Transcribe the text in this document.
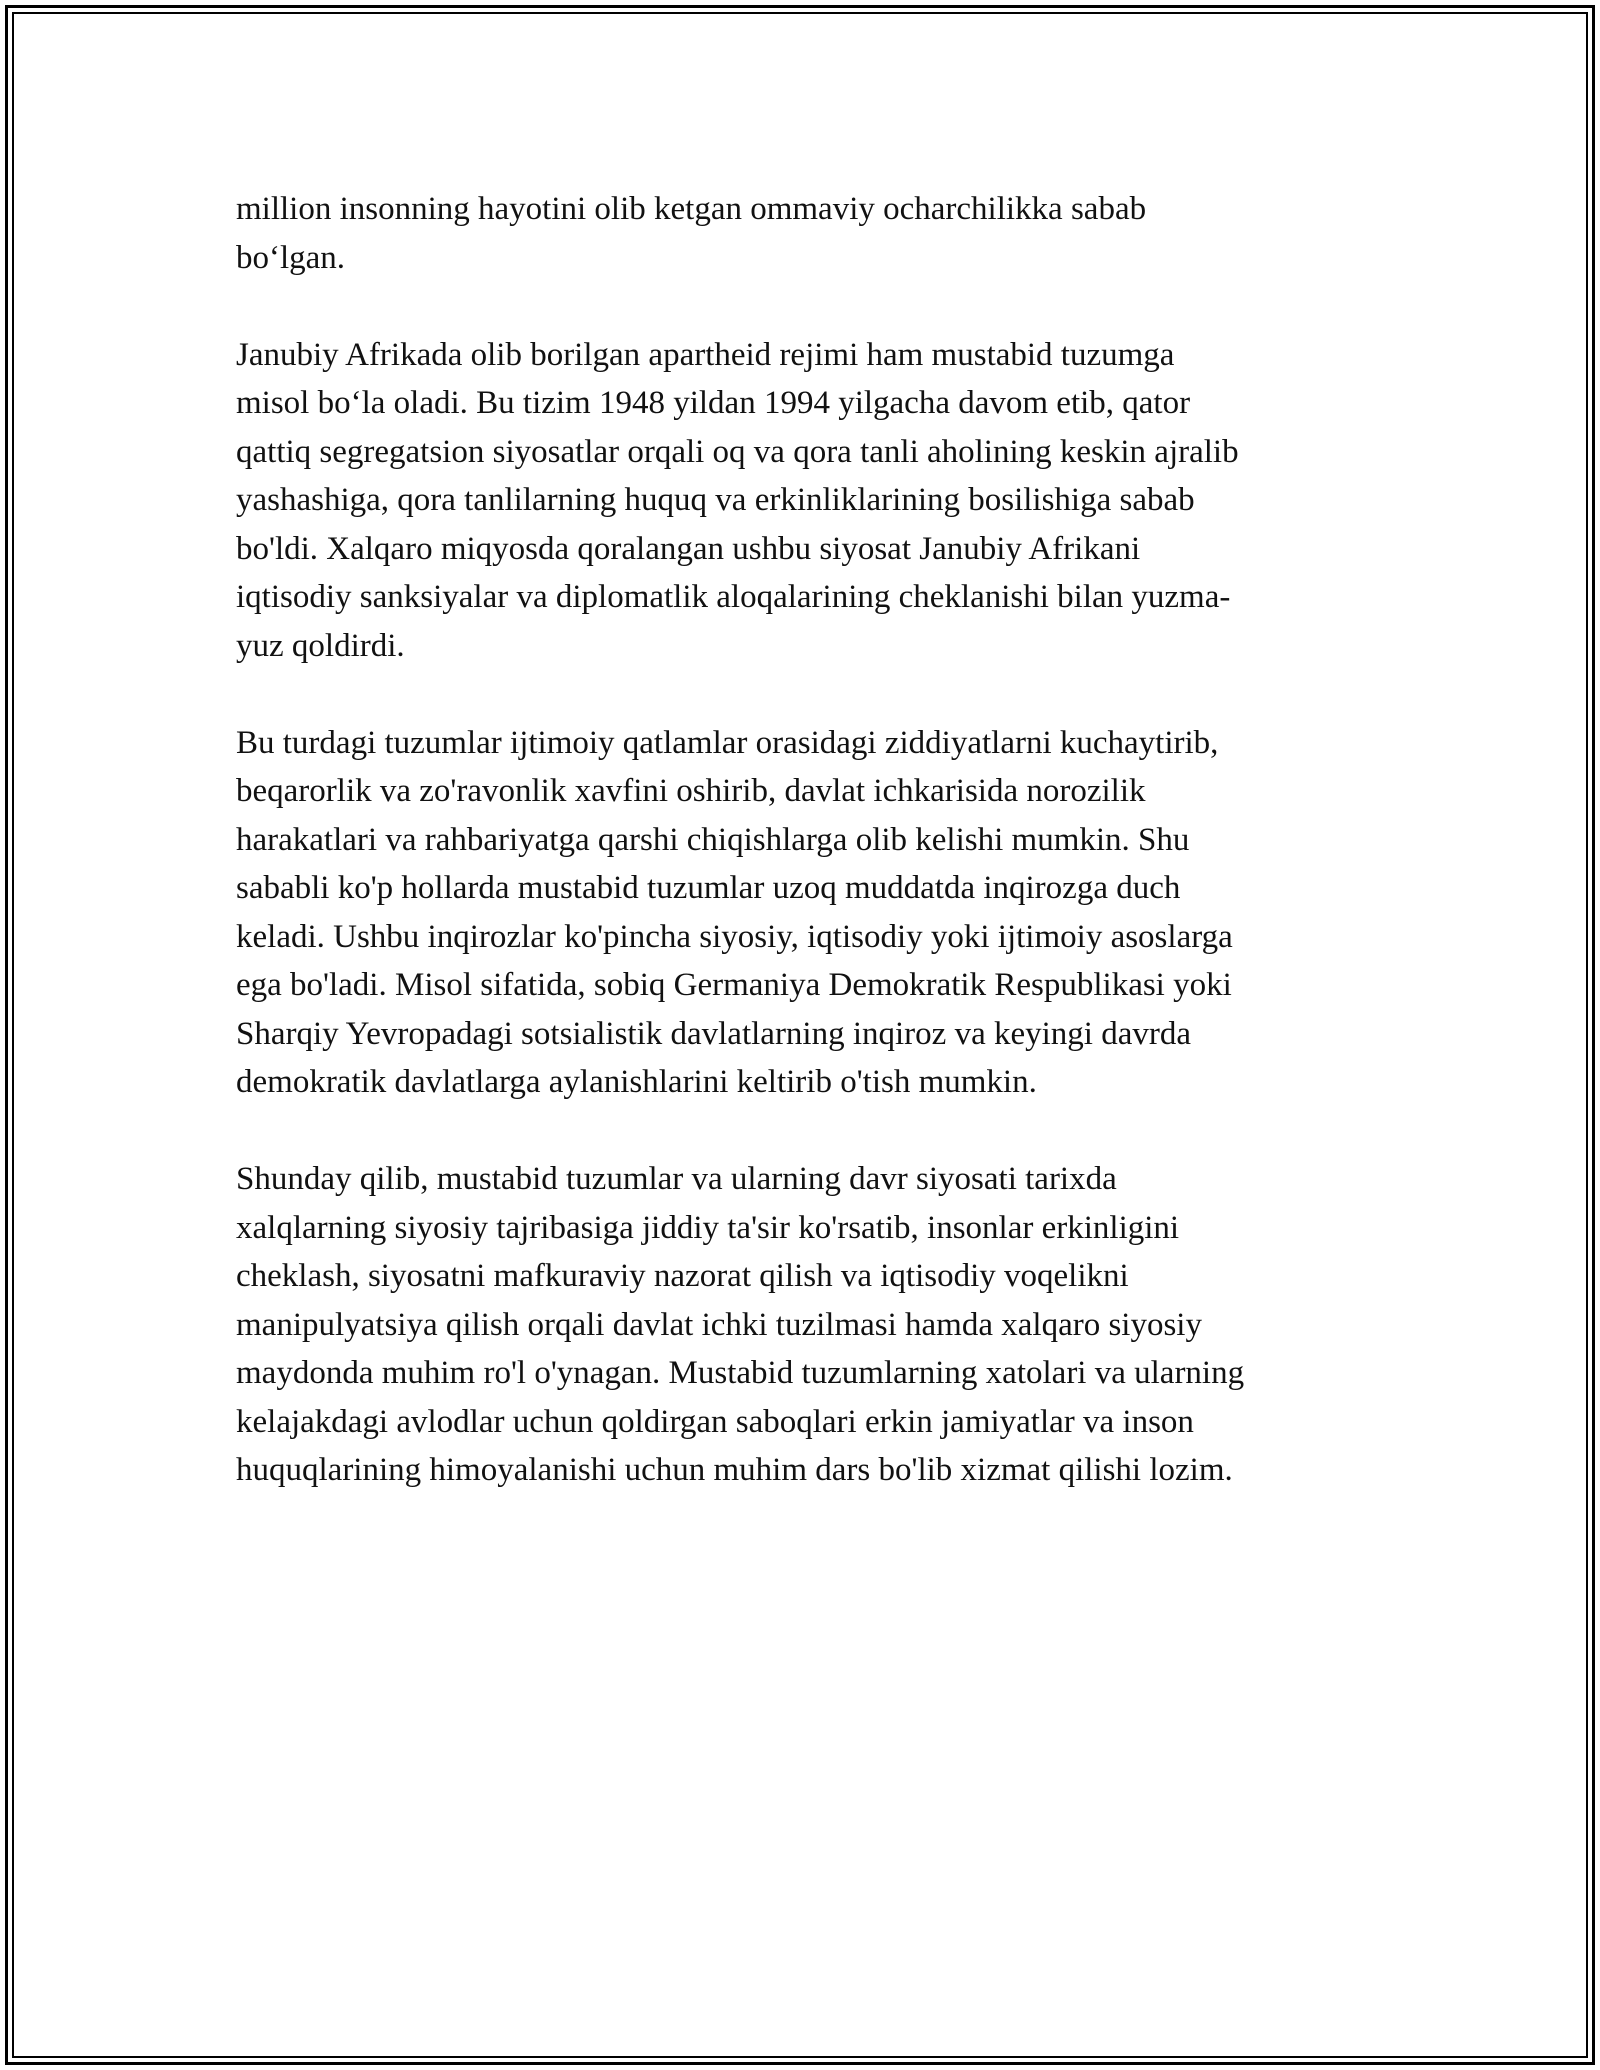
million insonning hayotini olib ketgan ommaviy ocharchilikka sabab
bo‘lgan.

Janubiy Afrikada olib borilgan apartheid rejimi ham mustabid tuzumga
misol bo‘la oladi. Bu tizim 1948 yildan 1994 yilgacha davom etib, qator
qattiq segregatsion siyosatlar orqali oq va qora tanli aholining keskin ajralib
yashashiga, qora tanlilarning huquq va erkinliklarining bosilishiga sabab
bo'ldi. Xalqaro miqyosda qoralangan ushbu siyosat Janubiy Afrikani
iqtisodiy sanksiyalar va diplomatlik aloqalarining cheklanishi bilan yuzma-
yuz qoldirdi.

Bu turdagi tuzumlar ijtimoiy qatlamlar orasidagi ziddiyatlarni kuchaytirib,
beqarorlik va zo'ravonlik xavfini oshirib, davlat ichkarisida norozilik
harakatlari va rahbariyatga qarshi chiqishlarga olib kelishi mumkin. Shu
sababli ko'p hollarda mustabid tuzumlar uzoq muddatda inqirozga duch
keladi. Ushbu inqirozlar ko'pincha siyosiy, iqtisodiy yoki ijtimoiy asoslarga
ega bo'ladi. Misol sifatida, sobiq Germaniya Demokratik Respublikasi yoki
Sharqiy Yevropadagi sotsialistik davlatlarning inqiroz va keyingi davrda
demokratik davlatlarga aylanishlarini keltirib o'tish mumkin.

Shunday qilib, mustabid tuzumlar va ularning davr siyosati tarixda
xalqlarning siyosiy tajribasiga jiddiy ta'sir ko'rsatib, insonlar erkinligini
cheklash, siyosatni mafkuraviy nazorat qilish va iqtisodiy voqelikni
manipulyatsiya qilish orqali davlat ichki tuzilmasi hamda xalqaro siyosiy
maydonda muhim ro'l o'ynagan. Mustabid tuzumlarning xatolari va ularning
kelajakdagi avlodlar uchun qoldirgan saboqlari erkin jamiyatlar va inson
huquqlarining himoyalanishi uchun muhim dars bo'lib xizmat qilishi lozim.
